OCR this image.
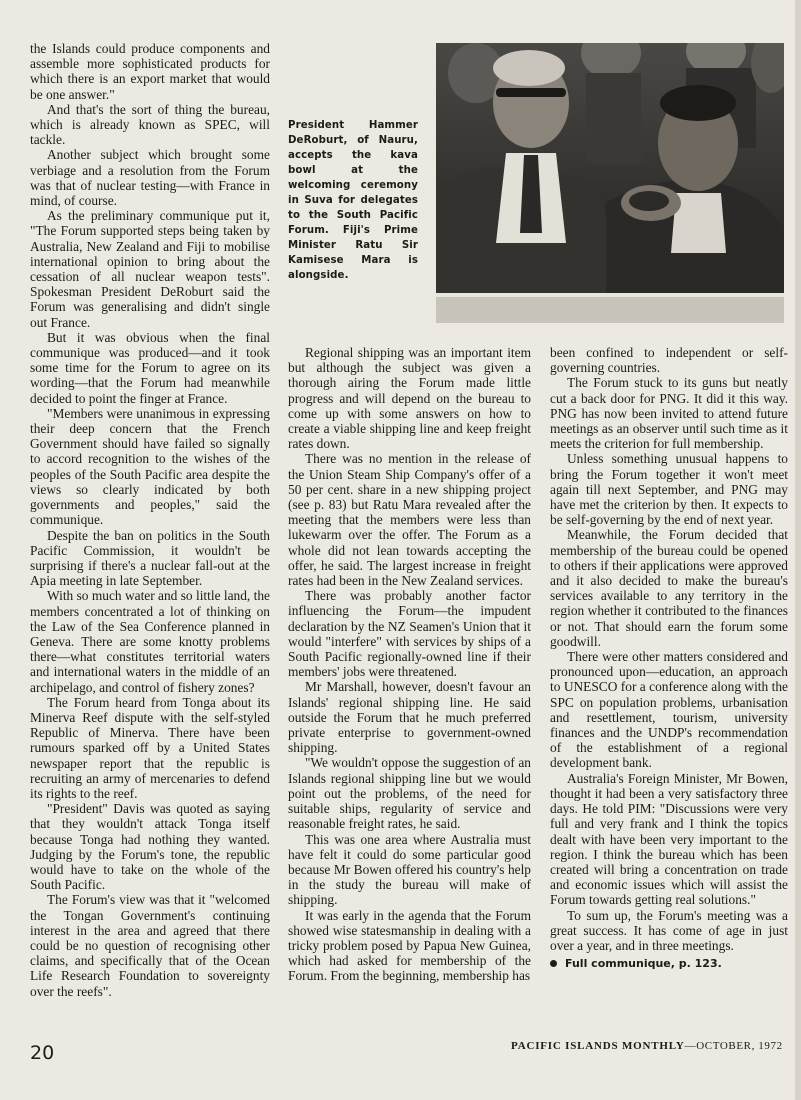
the Islands could produce components and assemble more sophisticated products for which there is an export market that would be one answer."

And that's the sort of thing the bureau, which is already known as SPEC, will tackle.

Another subject which brought some verbiage and a resolution from the Forum was that of nuclear testing—with France in mind, of course.

As the preliminary communique put it, "The Forum supported steps being taken by Australia, New Zealand and Fiji to mobilise international opinion to bring about the cessation of all nuclear weapon tests". Spokesman President DeRoburt said the Forum was generalising and didn't single out France.

But it was obvious when the final communique was produced—and it took some time for the Forum to agree on its wording—that the Forum had meanwhile decided to point the finger at France.

"Members were unanimous in expressing their deep concern that the French Government should have failed so signally to accord recognition to the wishes of the peoples of the South Pacific area despite the views so clearly indicated by both governments and peoples," said the communique.

Despite the ban on politics in the South Pacific Commission, it wouldn't be surprising if there's a nuclear fall-out at the Apia meeting in late September.

With so much water and so little land, the members concentrated a lot of thinking on the Law of the Sea Conference planned in Geneva. There are some knotty problems there—what constitutes territorial waters and international waters in the middle of an archipelago, and control of fishery zones?

The Forum heard from Tonga about its Minerva Reef dispute with the self-styled Republic of Minerva. There have been rumours sparked off by a United States newspaper report that the republic is recruiting an army of mercenaries to defend its rights to the reef.

"President" Davis was quoted as saying that they wouldn't attack Tonga itself because Tonga had nothing they wanted. Judging by the Forum's tone, the republic would have to take on the whole of the South Pacific.

The Forum's view was that it "welcomed the Tongan Government's continuing interest in the area and agreed that there could be no question of recognising other claims, and specifically that of the Ocean Life Research Foundation to sovereignty over the reefs".

President Hammer DeRoburt, of Nauru, accepts the kava bowl at the welcoming ceremony in Suva for delegates to the South Pacific Forum. Fiji's Prime Minister Ratu Sir Kamisese Mara is alongside.

Regional shipping was an important item but although the subject was given a thorough airing the Forum made little progress and will depend on the bureau to come up with some answers on how to create a viable shipping line and keep freight rates down.

There was no mention in the release of the Union Steam Ship Company's offer of a 50 per cent. share in a new shipping project (see p. 83) but Ratu Mara revealed after the meeting that the members were less than lukewarm over the offer. The Forum as a whole did not lean towards accepting the offer, he said. The largest increase in freight rates had been in the New Zealand services.

There was probably another factor influencing the Forum—the impudent declaration by the NZ Seamen's Union that it would "interfere" with services by ships of a South Pacific regionally-owned line if their members' jobs were threatened.

Mr Marshall, however, doesn't favour an Islands' regional shipping line. He said outside the Forum that he much preferred private enterprise to government-owned shipping.

"We wouldn't oppose the suggestion of an Islands regional shipping line but we would point out the problems, of the need for suitable ships, regularity of service and reasonable freight rates, he said.

This was one area where Australia must have felt it could do some particular good because Mr Bowen offered his country's help in the study the bureau will make of shipping.

It was early in the agenda that the Forum showed wise statesmanship in dealing with a tricky problem posed by Papua New Guinea, which had asked for membership of the Forum. From the beginning, membership has

been confined to independent or self-governing countries.

The Forum stuck to its guns but neatly cut a back door for PNG. It did it this way. PNG has now been invited to attend future meetings as an observer until such time as it meets the criterion for full membership.

Unless something unusual happens to bring the Forum together it won't meet again till next September, and PNG may have met the criterion by then. It expects to be self-governing by the end of next year.

Meanwhile, the Forum decided that membership of the bureau could be opened to others if their applications were approved and it also decided to make the bureau's services available to any territory in the region whether it contributed to the finances or not. That should earn the forum some goodwill.

There were other matters considered and pronounced upon—education, an approach to UNESCO for a conference along with the SPC on population problems, urbanisation and resettlement, tourism, university finances and the UNDP's recommendation of the establishment of a regional development bank.

Australia's Foreign Minister, Mr Bowen, thought it had been a very satisfactory three days. He told PIM: "Discussions were very full and very frank and I think the topics dealt with have been very important to the region. I think the bureau which has been created will bring a concentration on trade and economic issues which will assist the Forum towards getting real solutions."

To sum up, the Forum's meeting was a great success. It has come of age in just over a year, and in three meetings.

Full communique, p. 123.
20	PACIFIC ISLANDS MONTHLY—OCTOBER, 1972
